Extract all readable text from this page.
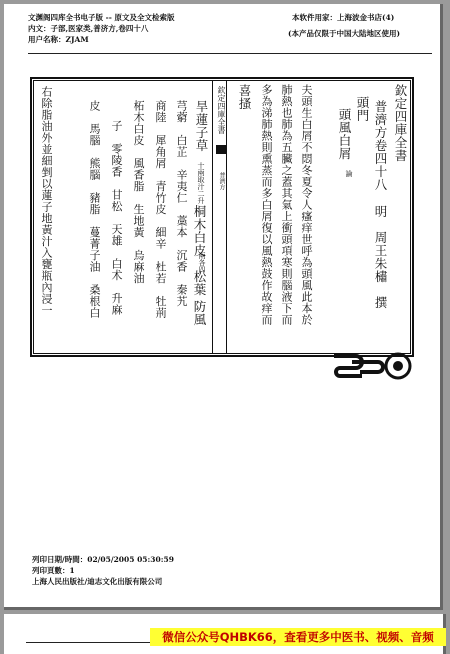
文渊阁四库全书电子版 -- 原文及全文检索版
内文：子部,医家类,普济方,卷四十八
用户名称：ZJAM
本软件用家：上海波金书店(4)
(本产品仅限于中国大陆地区使用)
欽定四庫全書
普濟方卷四十八
明　周王朱橚　撰
頭門
頭風白屑
論
夫頭生白屑不悶冬夏令人瘙痒世呼為頭風此本於
肺熱也肺為五臟之蓋其氣上衝頭項寒則腦液下而
多為涕肺熱則熏蒸而多白屑復以風熱鼓作故痒而
喜搔
欽定四庫全書
普濟方
旱蓮子草
十兩取汁二升
桐木白皮
兩各四
松葉
防風
芎藭　白芷　辛夷仁　藁本　沉香　秦艽
商陸　犀角屑　青竹皮　細辛　杜若　牡荊
柘木白皮　風香脂　生地黃　烏麻油
子　零陵香　甘松　天雄　白术　升麻
皮　馬腦　熊腦　豬脂　蔓菁子油　桑根白
右除脂油外並細剉以蓮子地黃汁入甕瓶內浸一
列印日期/時間：02/05/2005 05:30:59
列印頁數：1
上海人民出版社/迪志文化出版有限公司
微信公众号QHBK66，查看更多中医书、视频、音频
